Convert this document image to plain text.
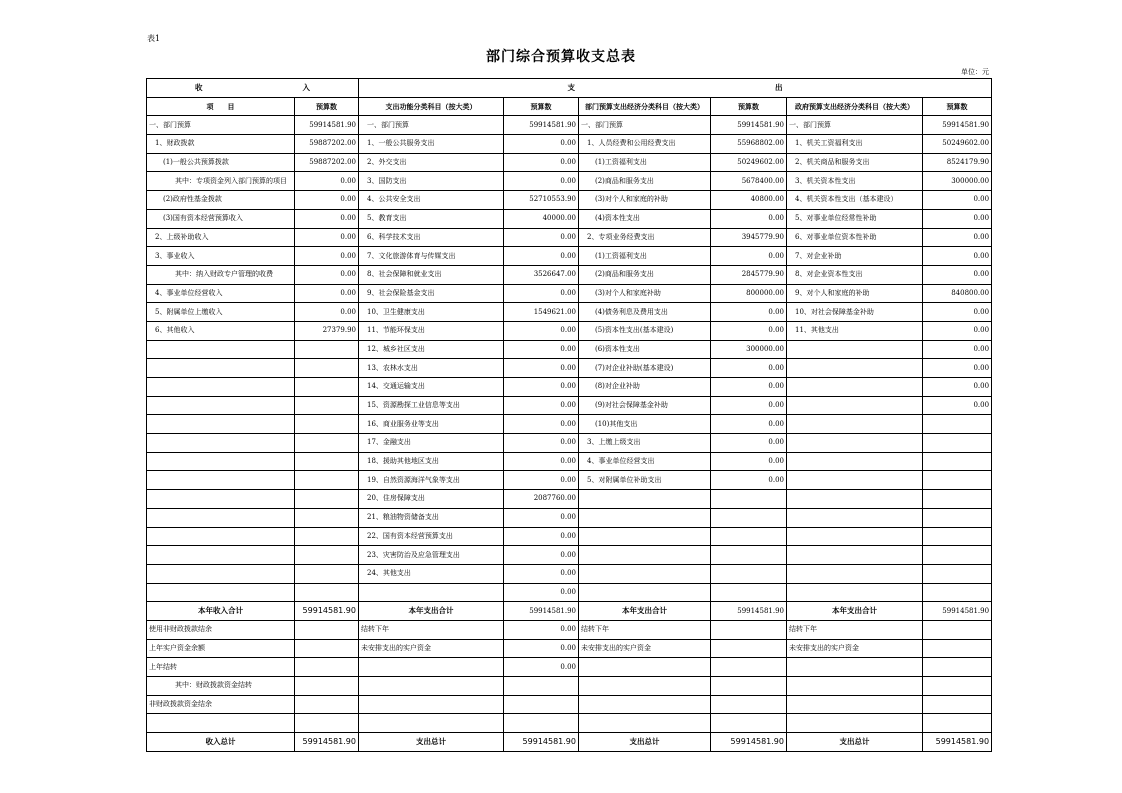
表1
部门综合预算收支总表
单位：元
收 入		支 出					
项　　目	预算数	支出功能分类科目（按大类）	预算数	部门预算支出经济分类科目（按大类）	预算数	政府预算支出经济分类科目（按大类）	预算数
一、部门预算	59914581.90	一、部门预算	59914581.90	一、部门预算	59914581.90	一、部门预算	59914581.90
1、财政拨款	59887202.00	1、一般公共服务支出	0.00	1、人员经费和公用经费支出	55968802.00	1、机关工资福利支出	50249602.00
(1)一般公共预算拨款	59887202.00	2、外交支出	0.00	(1)工资福利支出	50249602.00	2、机关商品和服务支出	8524179.90
其中：专项资金列入部门预算的项目	0.00	3、国防支出	0.00	(2)商品和服务支出	5678400.00	3、机关资本性支出	300000.00
(2)政府性基金拨款	0.00	4、公共安全支出	52710553.90	(3)对个人和家庭的补助	40800.00	4、机关资本性支出（基本建设）	0.00
(3)国有资本经营预算收入	0.00	5、教育支出	40000.00	(4)资本性支出	0.00	5、对事业单位经常性补助	0.00
2、上级补助收入	0.00	6、科学技术支出	0.00	2、专项业务经费支出	3945779.90	6、对事业单位资本性补助	0.00
3、事业收入	0.00	7、文化旅游体育与传媒支出	0.00	(1)工资福利支出	0.00	7、对企业补助	0.00
其中：纳入财政专户管理的收费	0.00	8、社会保障和就业支出	3526647.00	(2)商品和服务支出	2845779.90	8、对企业资本性支出	0.00
4、事业单位经营收入	0.00	9、社会保险基金支出	0.00	(3)对个人和家庭补助	800000.00	9、对个人和家庭的补助	840800.00
5、附属单位上缴收入	0.00	10、卫生健康支出	1549621.00	(4)债务利息及费用支出	0.00	10、对社会保障基金补助	0.00
6、其他收入	27379.90	11、节能环保支出	0.00	(5)资本性支出(基本建设)	0.00	11、其他支出	0.00
		12、城乡社区支出	0.00	(6)资本性支出	300000.00		0.00
		13、农林水支出	0.00	(7)对企业补助(基本建设)	0.00		0.00
		14、交通运输支出	0.00	(8)对企业补助	0.00		0.00
		15、资源勘探工业信息等支出	0.00	(9)对社会保障基金补助	0.00		0.00
		16、商业服务业等支出	0.00	(10)其他支出	0.00		
		17、金融支出	0.00	3、上缴上级支出	0.00		
		18、援助其他地区支出	0.00	4、事业单位经营支出	0.00		
		19、自然资源海洋气象等支出	0.00	5、对附属单位补助支出	0.00		
		20、住房保障支出	2087760.00				
		21、粮油物资储备支出	0.00				
		22、国有资本经营预算支出	0.00				
		23、灾害防治及应急管理支出	0.00				
		24、其他支出	0.00				
			0.00				
本年收入合计	59914581.90	本年支出合计	59914581.90	本年支出合计	59914581.90	本年支出合计	59914581.90
使用非财政拨款结余		结转下年	0.00	结转下年		结转下年	
上年实户资金余额		未安排支出的实户资金	0.00	未安排支出的实户资金		未安排支出的实户资金	
上年结转			0.00				
其中：财政拨款资金结转							
非财政拨款资金结余							

收入总计	59914581.90	支出总计	59914581.90	支出总计	59914581.90	支出总计	59914581.90
